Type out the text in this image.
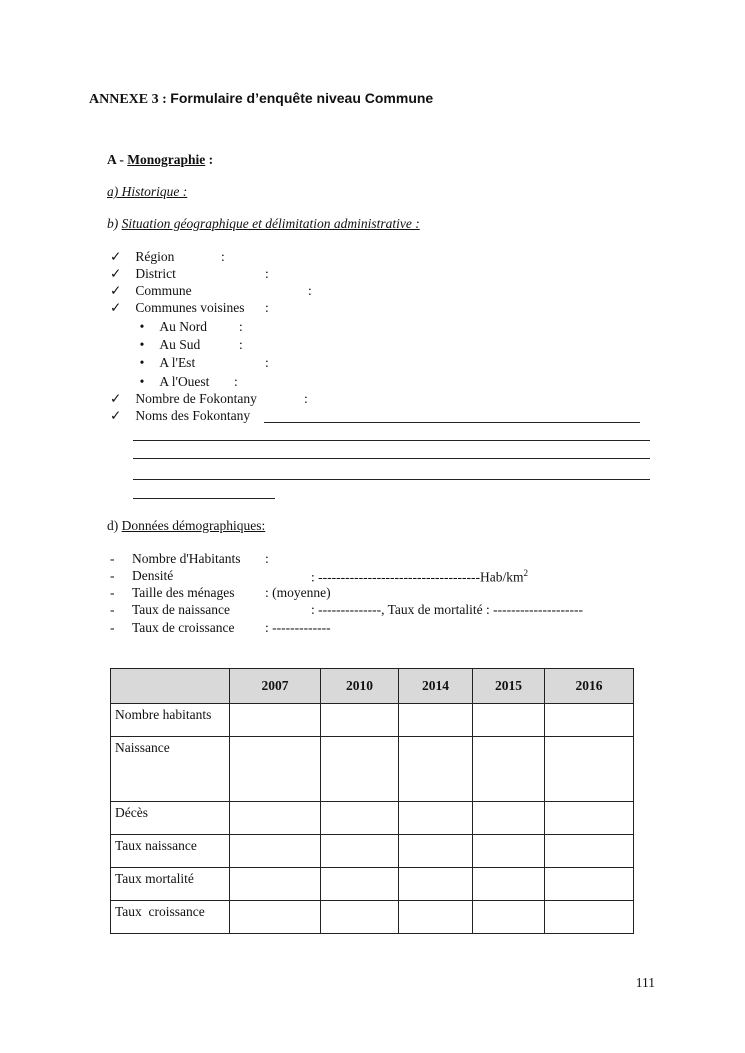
ANNEXE 3 : Formulaire d’enquête niveau Commune
A - Monographie :
a) Historique :
b) Situation géographique et délimitation administrative :
✓ Région	:
✓ District	:
✓ Commune	:
✓ Communes voisines :
• Au Nord :
• Au Sud	:
• A l'Est	:
• A l'Ouest :
✓ Nombre de Fokontany	:
✓ Noms des Fokontany
d) Données démographiques:
- Nombre d'Habitants :
- Densité	: $------------------------------------Hab/km^2$
- Taille des ménages : (moyenne)
- Taux de naissance	: --------------, Taux de mortalité : --------------------
- Taux de croissance : -------------
	2007	2010	2014	2015	2016
Nombre habitants					
Naissance					
Décès					
Taux naissance					
Taux mortalité					
Taux  croissance					
111
